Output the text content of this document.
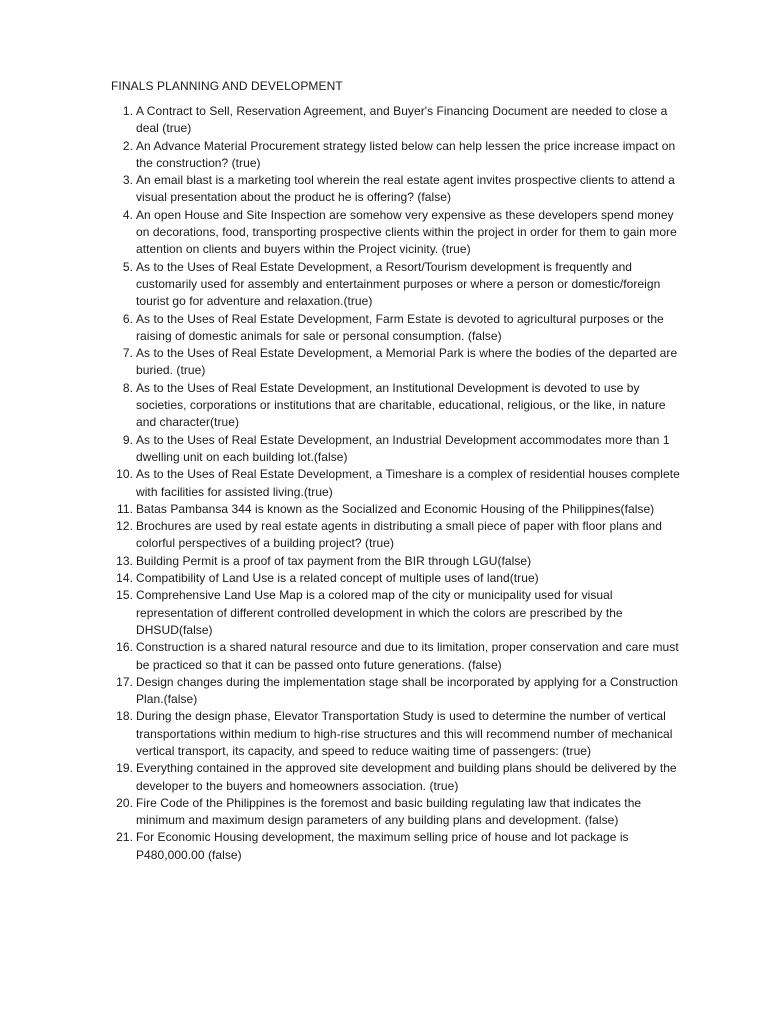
FINALS PLANNING AND DEVELOPMENT
1. A Contract to Sell, Reservation Agreement, and Buyer's Financing Document are needed to close a deal (true)
2. An Advance Material Procurement strategy listed below can help lessen the price increase impact on the construction? (true)
3. An email blast is a marketing tool wherein the real estate agent invites prospective clients to attend a visual presentation about the product he is offering? (false)
4. An open House and Site Inspection are somehow very expensive as these developers spend money on decorations, food, transporting prospective clients within the project in order for them to gain more attention on clients and buyers within the Project vicinity. (true)
5. As to the Uses of Real Estate Development, a Resort/Tourism development is frequently and customarily used for assembly and entertainment purposes or where a person or domestic/foreign tourist go for adventure and relaxation.(true)
6. As to the Uses of Real Estate Development, Farm Estate is devoted to agricultural purposes or the raising of domestic animals for sale or personal consumption. (false)
7. As to the Uses of Real Estate Development, a Memorial Park is where the bodies of the departed are buried. (true)
8. As to the Uses of Real Estate Development, an Institutional Development is devoted to use by societies, corporations or institutions that are charitable, educational, religious, or the like, in nature and character(true)
9. As to the Uses of Real Estate Development, an Industrial Development accommodates more than 1 dwelling unit on each building lot.(false)
10. As to the Uses of Real Estate Development, a Timeshare is a complex of residential houses complete with facilities for assisted living.(true)
11. Batas Pambansa 344 is known as the Socialized and Economic Housing of the Philippines(false)
12. Brochures are used by real estate agents in distributing a small piece of paper with floor plans and colorful perspectives of a building project? (true)
13. Building Permit is a proof of tax payment from the BIR through LGU(false)
14. Compatibility of Land Use is a related concept of multiple uses of land(true)
15. Comprehensive Land Use Map is a colored map of the city or municipality used for visual representation of different controlled development in which the colors are prescribed by the DHSUD(false)
16. Construction is a shared natural resource and due to its limitation, proper conservation and care must be practiced so that it can be passed onto future generations. (false)
17. Design changes during the implementation stage shall be incorporated by applying for a Construction Plan.(false)
18. During the design phase, Elevator Transportation Study is used to determine the number of vertical transportations within medium to high-rise structures and this will recommend number of mechanical vertical transport, its capacity, and speed to reduce waiting time of passengers: (true)
19. Everything contained in the approved site development and building plans should be delivered by the developer to the buyers and homeowners association. (true)
20. Fire Code of the Philippines is the foremost and basic building regulating law that indicates the minimum and maximum design parameters of any building plans and development. (false)
21. For Economic Housing development, the maximum selling price of house and lot package is P480,000.00 (false)
